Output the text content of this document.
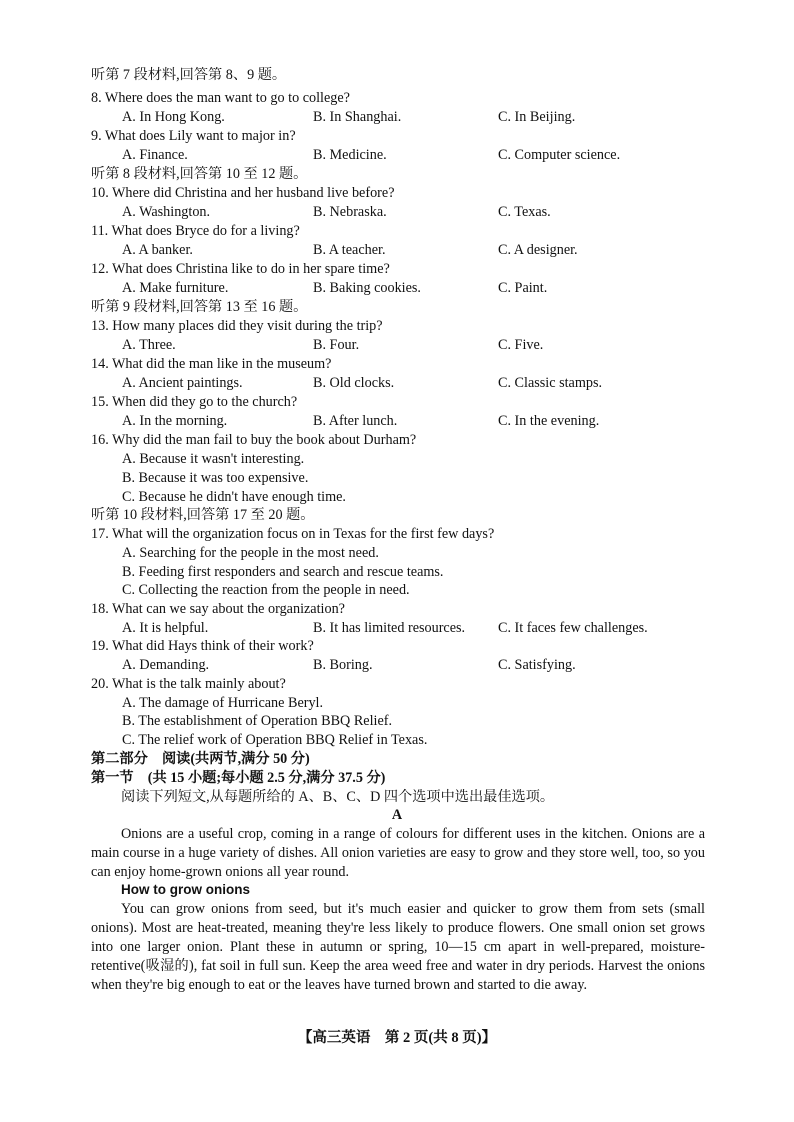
听第 7 段材料,回答第 8、9 题。
8. Where does the man want to go to college?
A. In Hong Kong.	B. In Shanghai.	C. In Beijing.
9. What does Lily want to major in?
A. Finance.	B. Medicine.	C. Computer science.
听第 8 段材料,回答第 10 至 12 题。
10. Where did Christina and her husband live before?
A. Washington.	B. Nebraska.	C. Texas.
11. What does Bryce do for a living?
A. A banker.	B. A teacher.	C. A designer.
12. What does Christina like to do in her spare time?
A. Make furniture.	B. Baking cookies.	C. Paint.
听第 9 段材料,回答第 13 至 16 题。
13. How many places did they visit during the trip?
A. Three.	B. Four.	C. Five.
14. What did the man like in the museum?
A. Ancient paintings.	B. Old clocks.	C. Classic stamps.
15. When did they go to the church?
A. In the morning.	B. After lunch.	C. In the evening.
16. Why did the man fail to buy the book about Durham?
A. Because it wasn't interesting.
B. Because it was too expensive.
C. Because he didn't have enough time.
听第 10 段材料,回答第 17 至 20 题。
17. What will the organization focus on in Texas for the first few days?
A. Searching for the people in the most need.
B. Feeding first responders and search and rescue teams.
C. Collecting the reaction from the people in need.
18. What can we say about the organization?
A. It is helpful.	B. It has limited resources. C. It faces few challenges.
19. What did Hays think of their work?
A. Demanding.	B. Boring.	C. Satisfying.
20. What is the talk mainly about?
A. The damage of Hurricane Beryl.
B. The establishment of Operation BBQ Relief.
C. The relief work of Operation BBQ Relief in Texas.
第二部分　阅读(共两节,满分 50 分)
第一节　(共 15 小题;每小题 2.5 分,满分 37.5 分)
阅读下列短文,从每题所给的 A、B、C、D 四个选项中选出最佳选项。
A
Onions are a useful crop, coming in a range of colours for different uses in the kitchen. Onions are a main course in a huge variety of dishes. All onion varieties are easy to grow and they store well, too, so you can enjoy home-grown onions all year round.
How to grow onions
You can grow onions from seed, but it's much easier and quicker to grow them from sets (small onions). Most are heat-treated, meaning they're less likely to produce flowers. One small onion set grows into one larger onion. Plant these in autumn or spring, 10—15 cm apart in well-prepared, moisture-retentive(吸湿的), fat soil in full sun. Keep the area weed free and water in dry periods. Harvest the onions when they're big enough to eat or the leaves have turned brown and started to die away.
【高三英语　第 2 页(共 8 页)】
